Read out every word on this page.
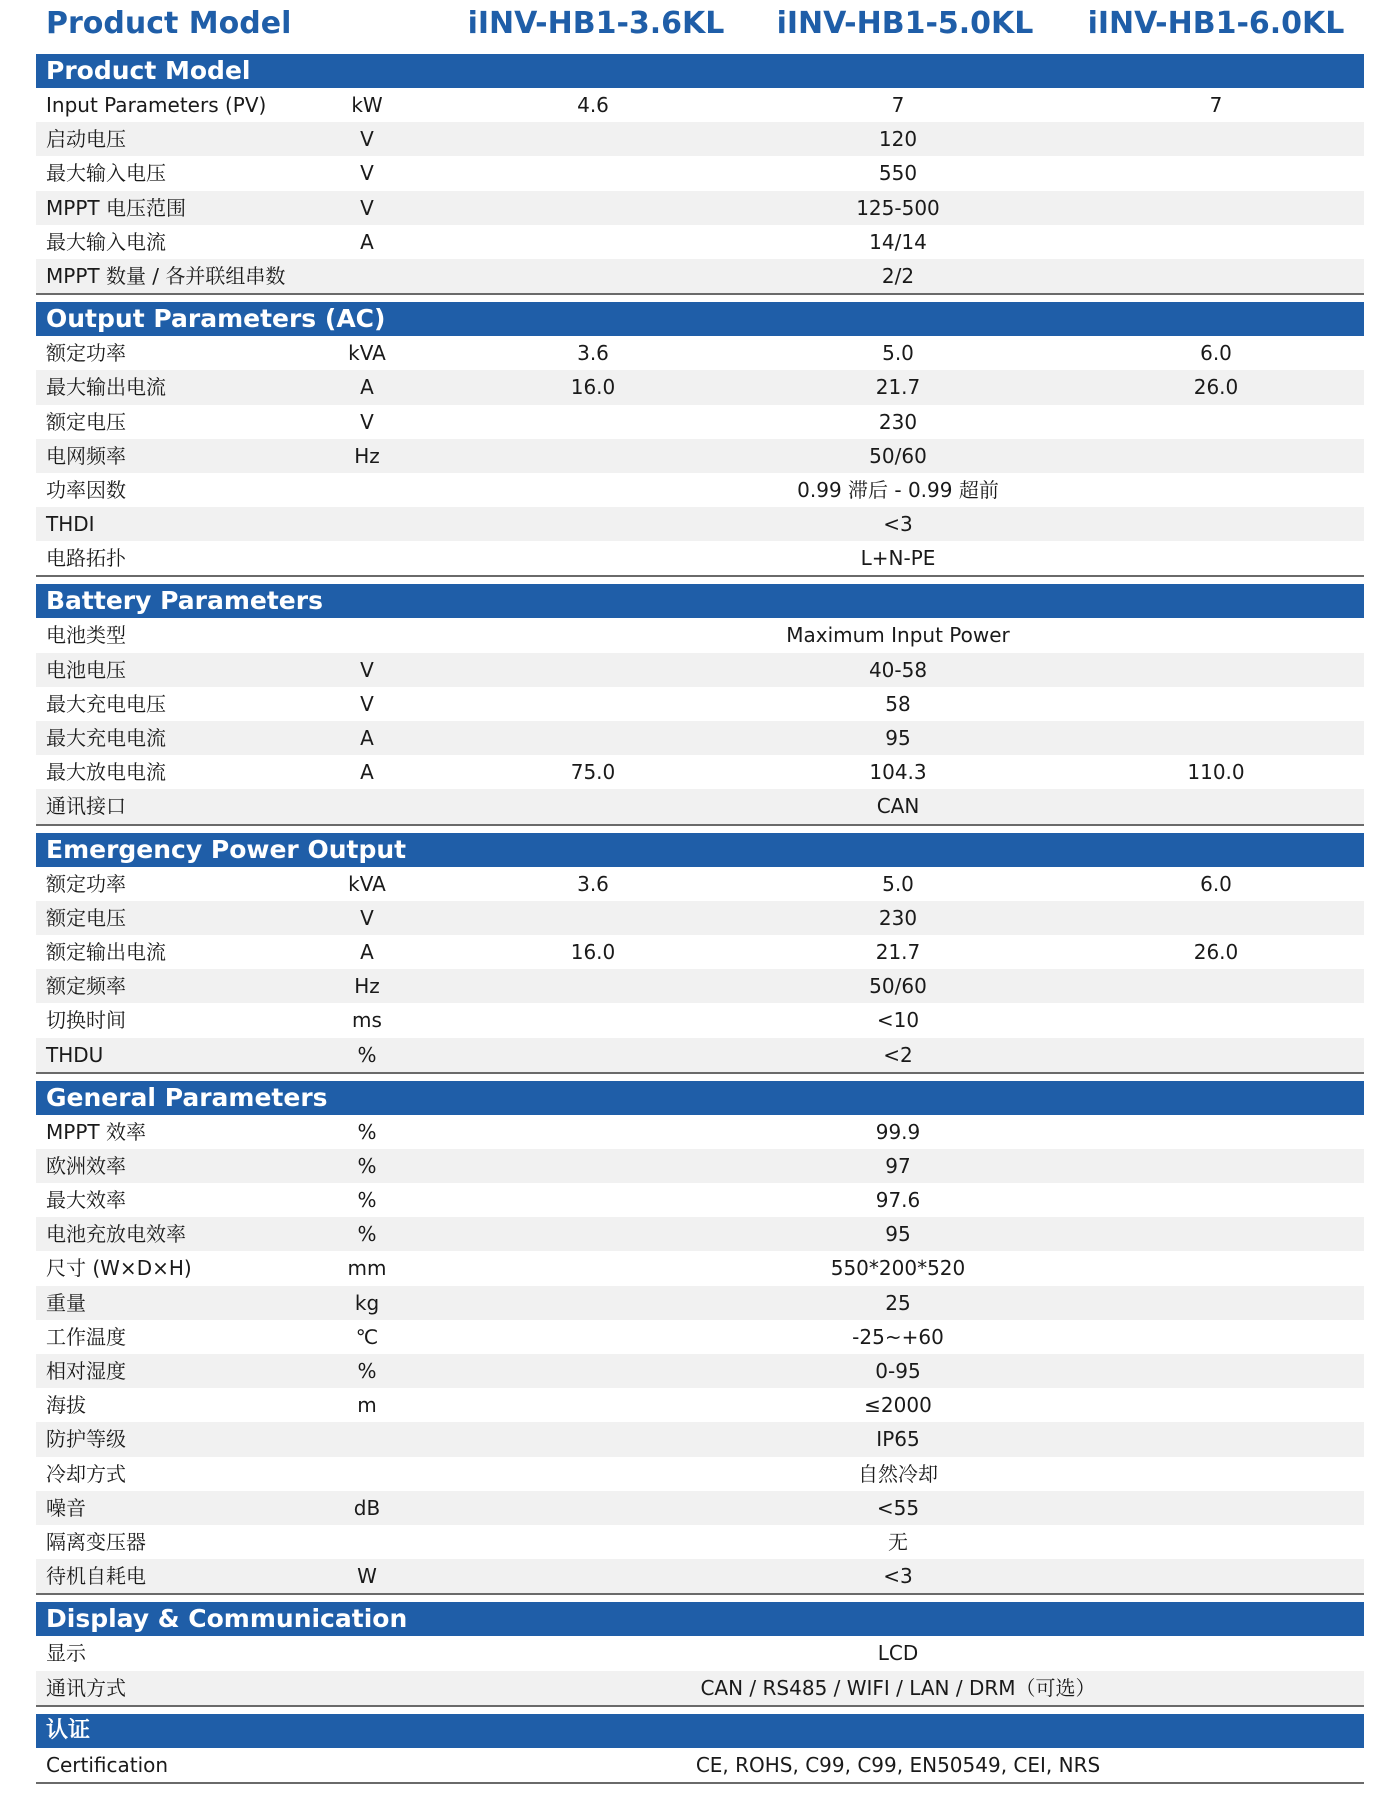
Product Model	iINV-HB1-3.6KL iINV-HB1-5.0KL iINV-HB1-6.0KL
Product Model
Input Parameters (PV)	kW	4.6	7	7
启动电压	V	120
最大输入电压	V	550
MPPT 电压范围	V	125-500
最大输入电流	A	14/14
MPPT 数量 / 各并联组串数	2/2
Output Parameters (AC)
额定功率	kVA	3.6	5.0	6.0
最大输出电流	A	16.0	21.7	26.0
额定电压	V	230
电网频率	Hz	50/60
功率因数	0.99 滞后 - 0.99 超前
THDI	<3
电路拓扑	L+N-PE
Battery Parameters
电池类型	Maximum Input Power
电池电压	V	40-58
最大充电电压	V	58
最大充电电流	A	95
最大放电电流	A	75.0	104.3	110.0
通讯接口	CAN
Emergency Power Output
额定功率	kVA	3.6	5.0	6.0
额定电压	V	230
额定输出电流	A	16.0	21.7	26.0
额定频率	Hz	50/60
切换时间	ms	<10
THDU	%	<2
General Parameters
MPPT 效率	%	99.9
欧洲效率	%	97
最大效率	%	97.6
电池充放电效率	%	95
尺寸 (W×D×H)	mm	550*200*520
重量	kg	25
工作温度	℃	-25~+60
相对湿度	%	0-95
海拔	m	≤2000
防护等级	IP65
冷却方式	自然冷却
噪音	dB	<55
隔离变压器	无
待机自耗电	W	<3
Display & Communication
显示	LCD
通讯方式	CAN / RS485 / WIFI / LAN / DRM（可选）
认证
Certification	CE, ROHS, C99, C99, EN50549, CEI, NRS
